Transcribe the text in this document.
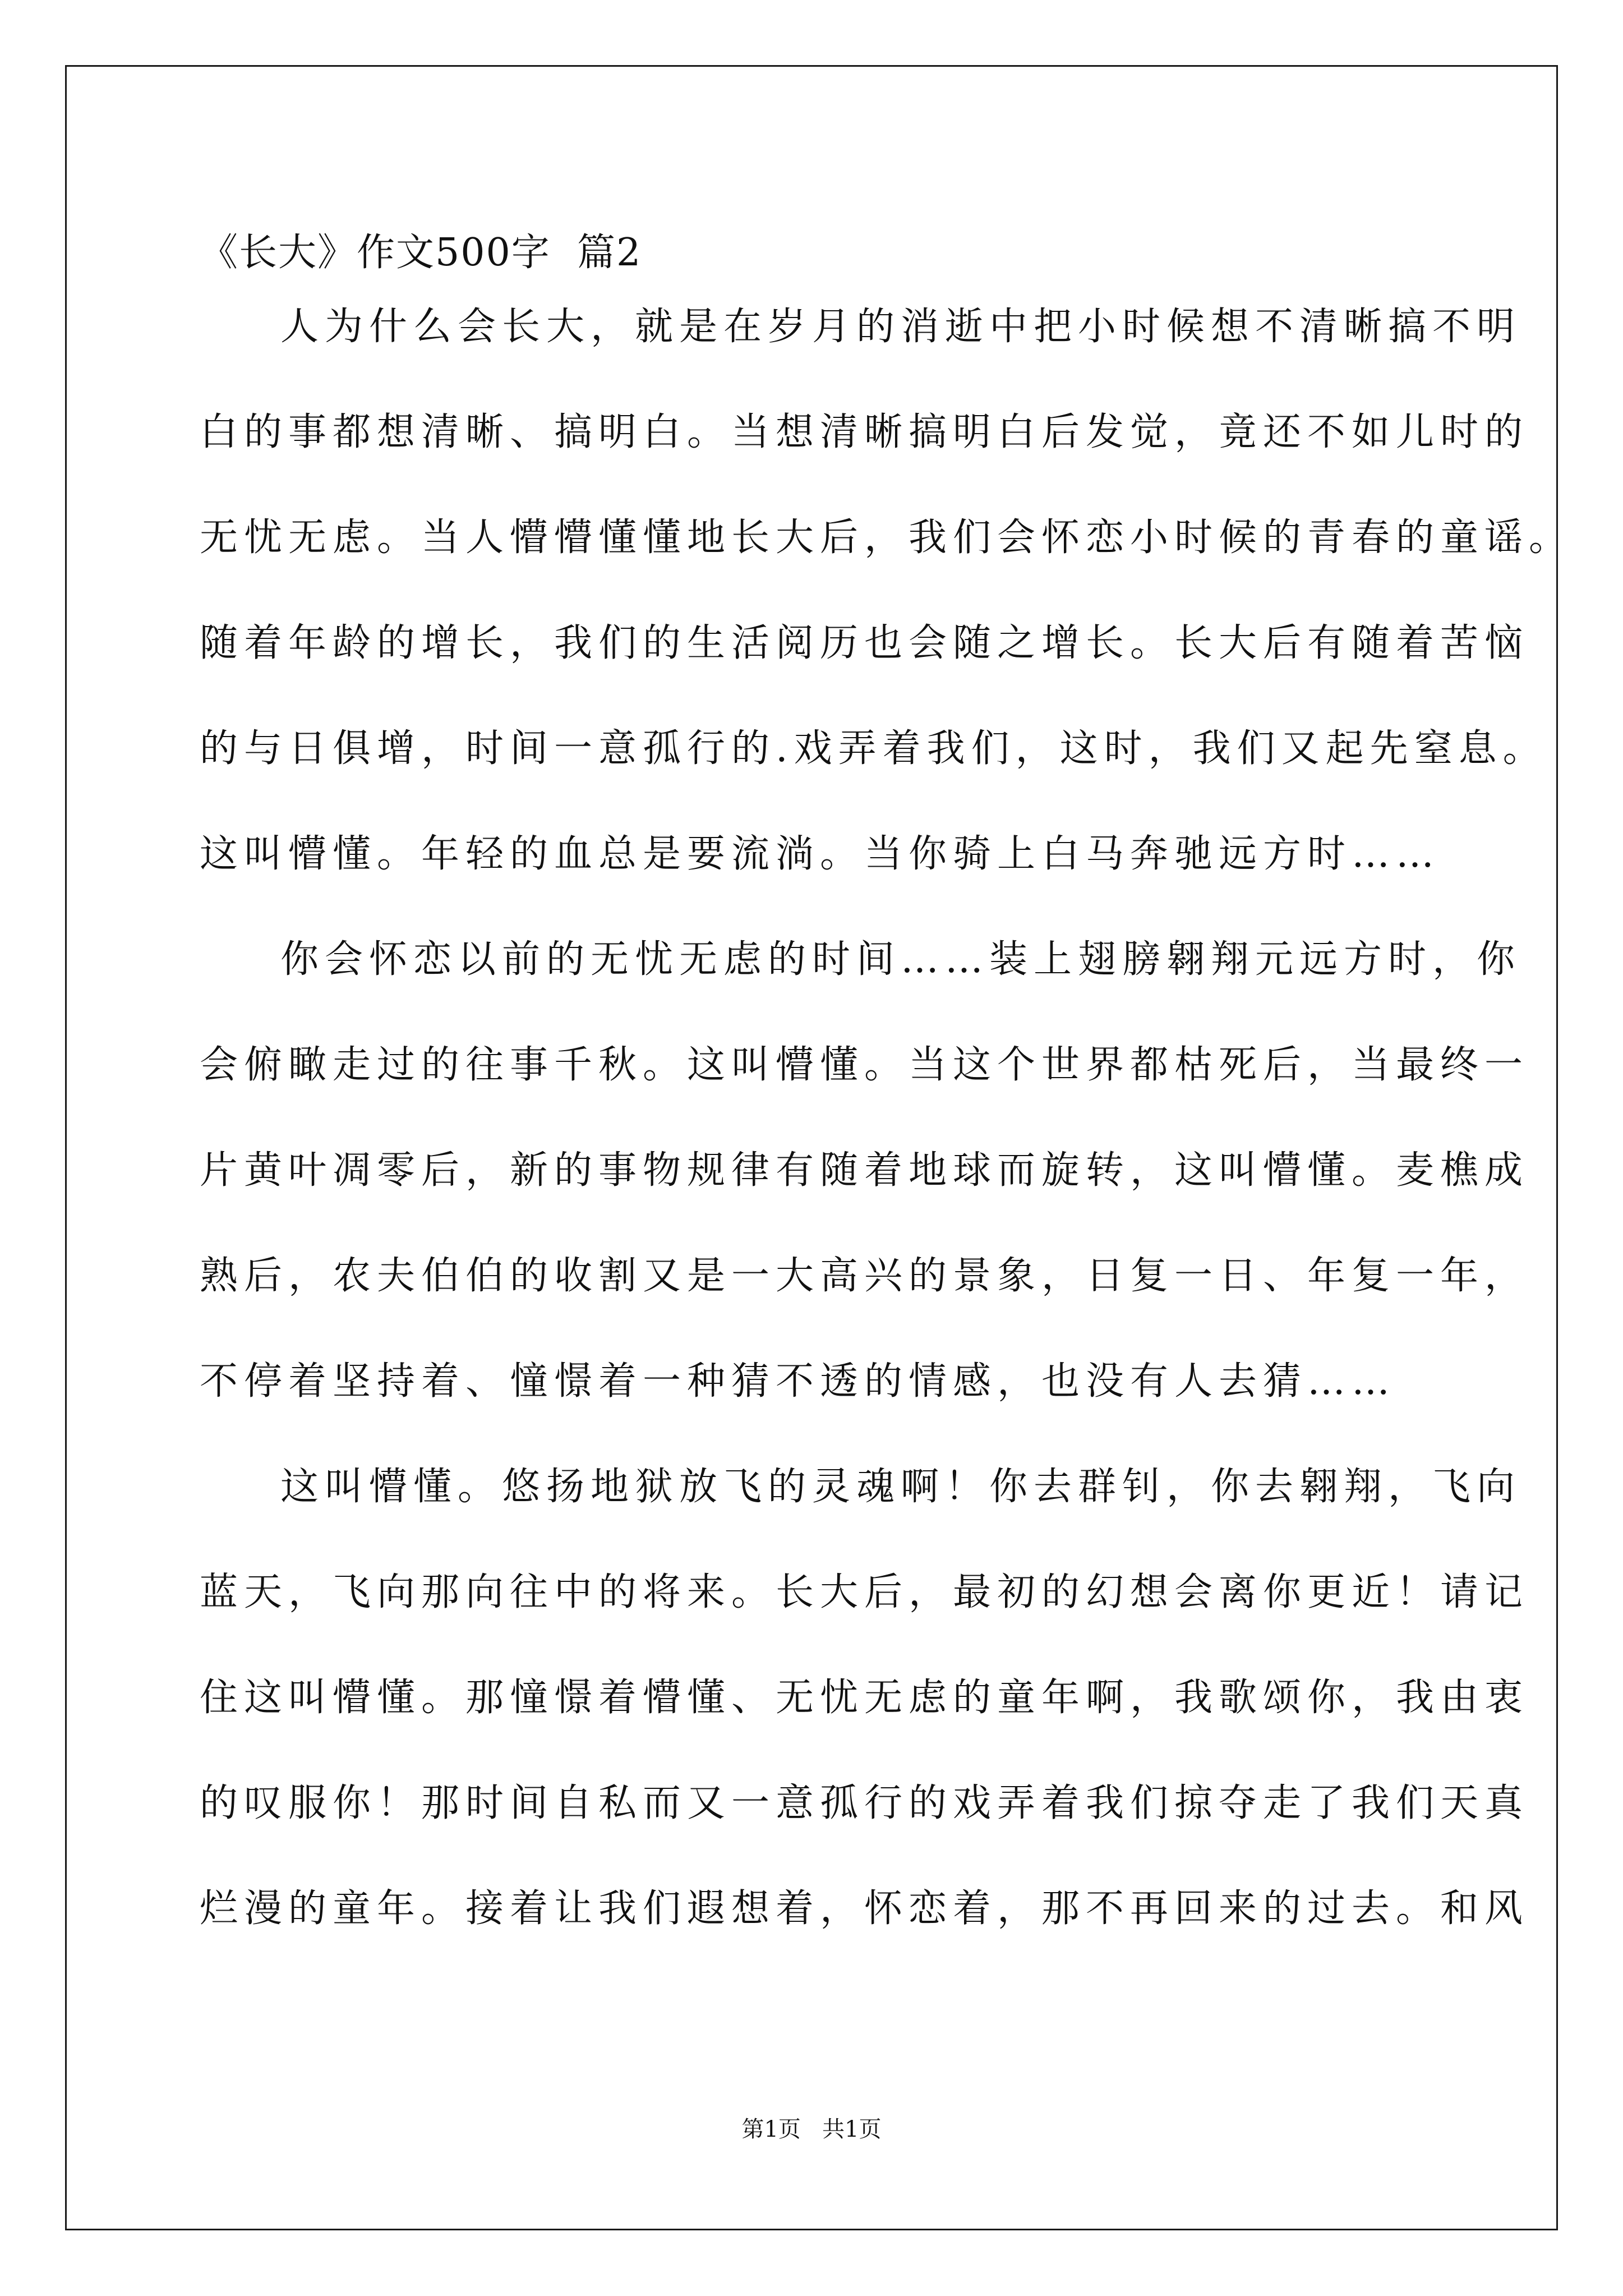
《长大》作文500字  篇2
人为什么会长大，就是在岁月的消逝中把小时候想不清晰搞不明
白的事都想清晰、搞明白。当想清晰搞明白后发觉，竟还不如儿时的
无忧无虑。当人懵懵懂懂地长大后，我们会怀恋小时候的青春的童谣。
随着年龄的增长，我们的生活阅历也会随之增长。长大后有随着苦恼
的与日俱增，时间一意孤行的.戏弄着我们，这时，我们又起先窒息。
这叫懵懂。年轻的血总是要流淌。当你骑上白马奔驰远方时……
你会怀恋以前的无忧无虑的时间……装上翅膀翱翔元远方时，你
会俯瞰走过的往事千秋。这叫懵懂。当这个世界都枯死后，当最终一
片黄叶凋零后，新的事物规律有随着地球而旋转，这叫懵懂。麦樵成
熟后，农夫伯伯的收割又是一大高兴的景象，日复一日、年复一年，
不停着坚持着、憧憬着一种猜不透的情感，也没有人去猜……
这叫懵懂。悠扬地狱放飞的灵魂啊！你去群钊，你去翱翔，飞向
蓝天，飞向那向往中的将来。长大后，最初的幻想会离你更近！请记
住这叫懵懂。那憧憬着懵懂、无忧无虑的童年啊，我歌颂你，我由衷
的叹服你！那时间自私而又一意孤行的戏弄着我们掠夺走了我们天真
烂漫的童年。接着让我们遐想着，怀恋着，那不再回来的过去。和风
第1页   共1页
